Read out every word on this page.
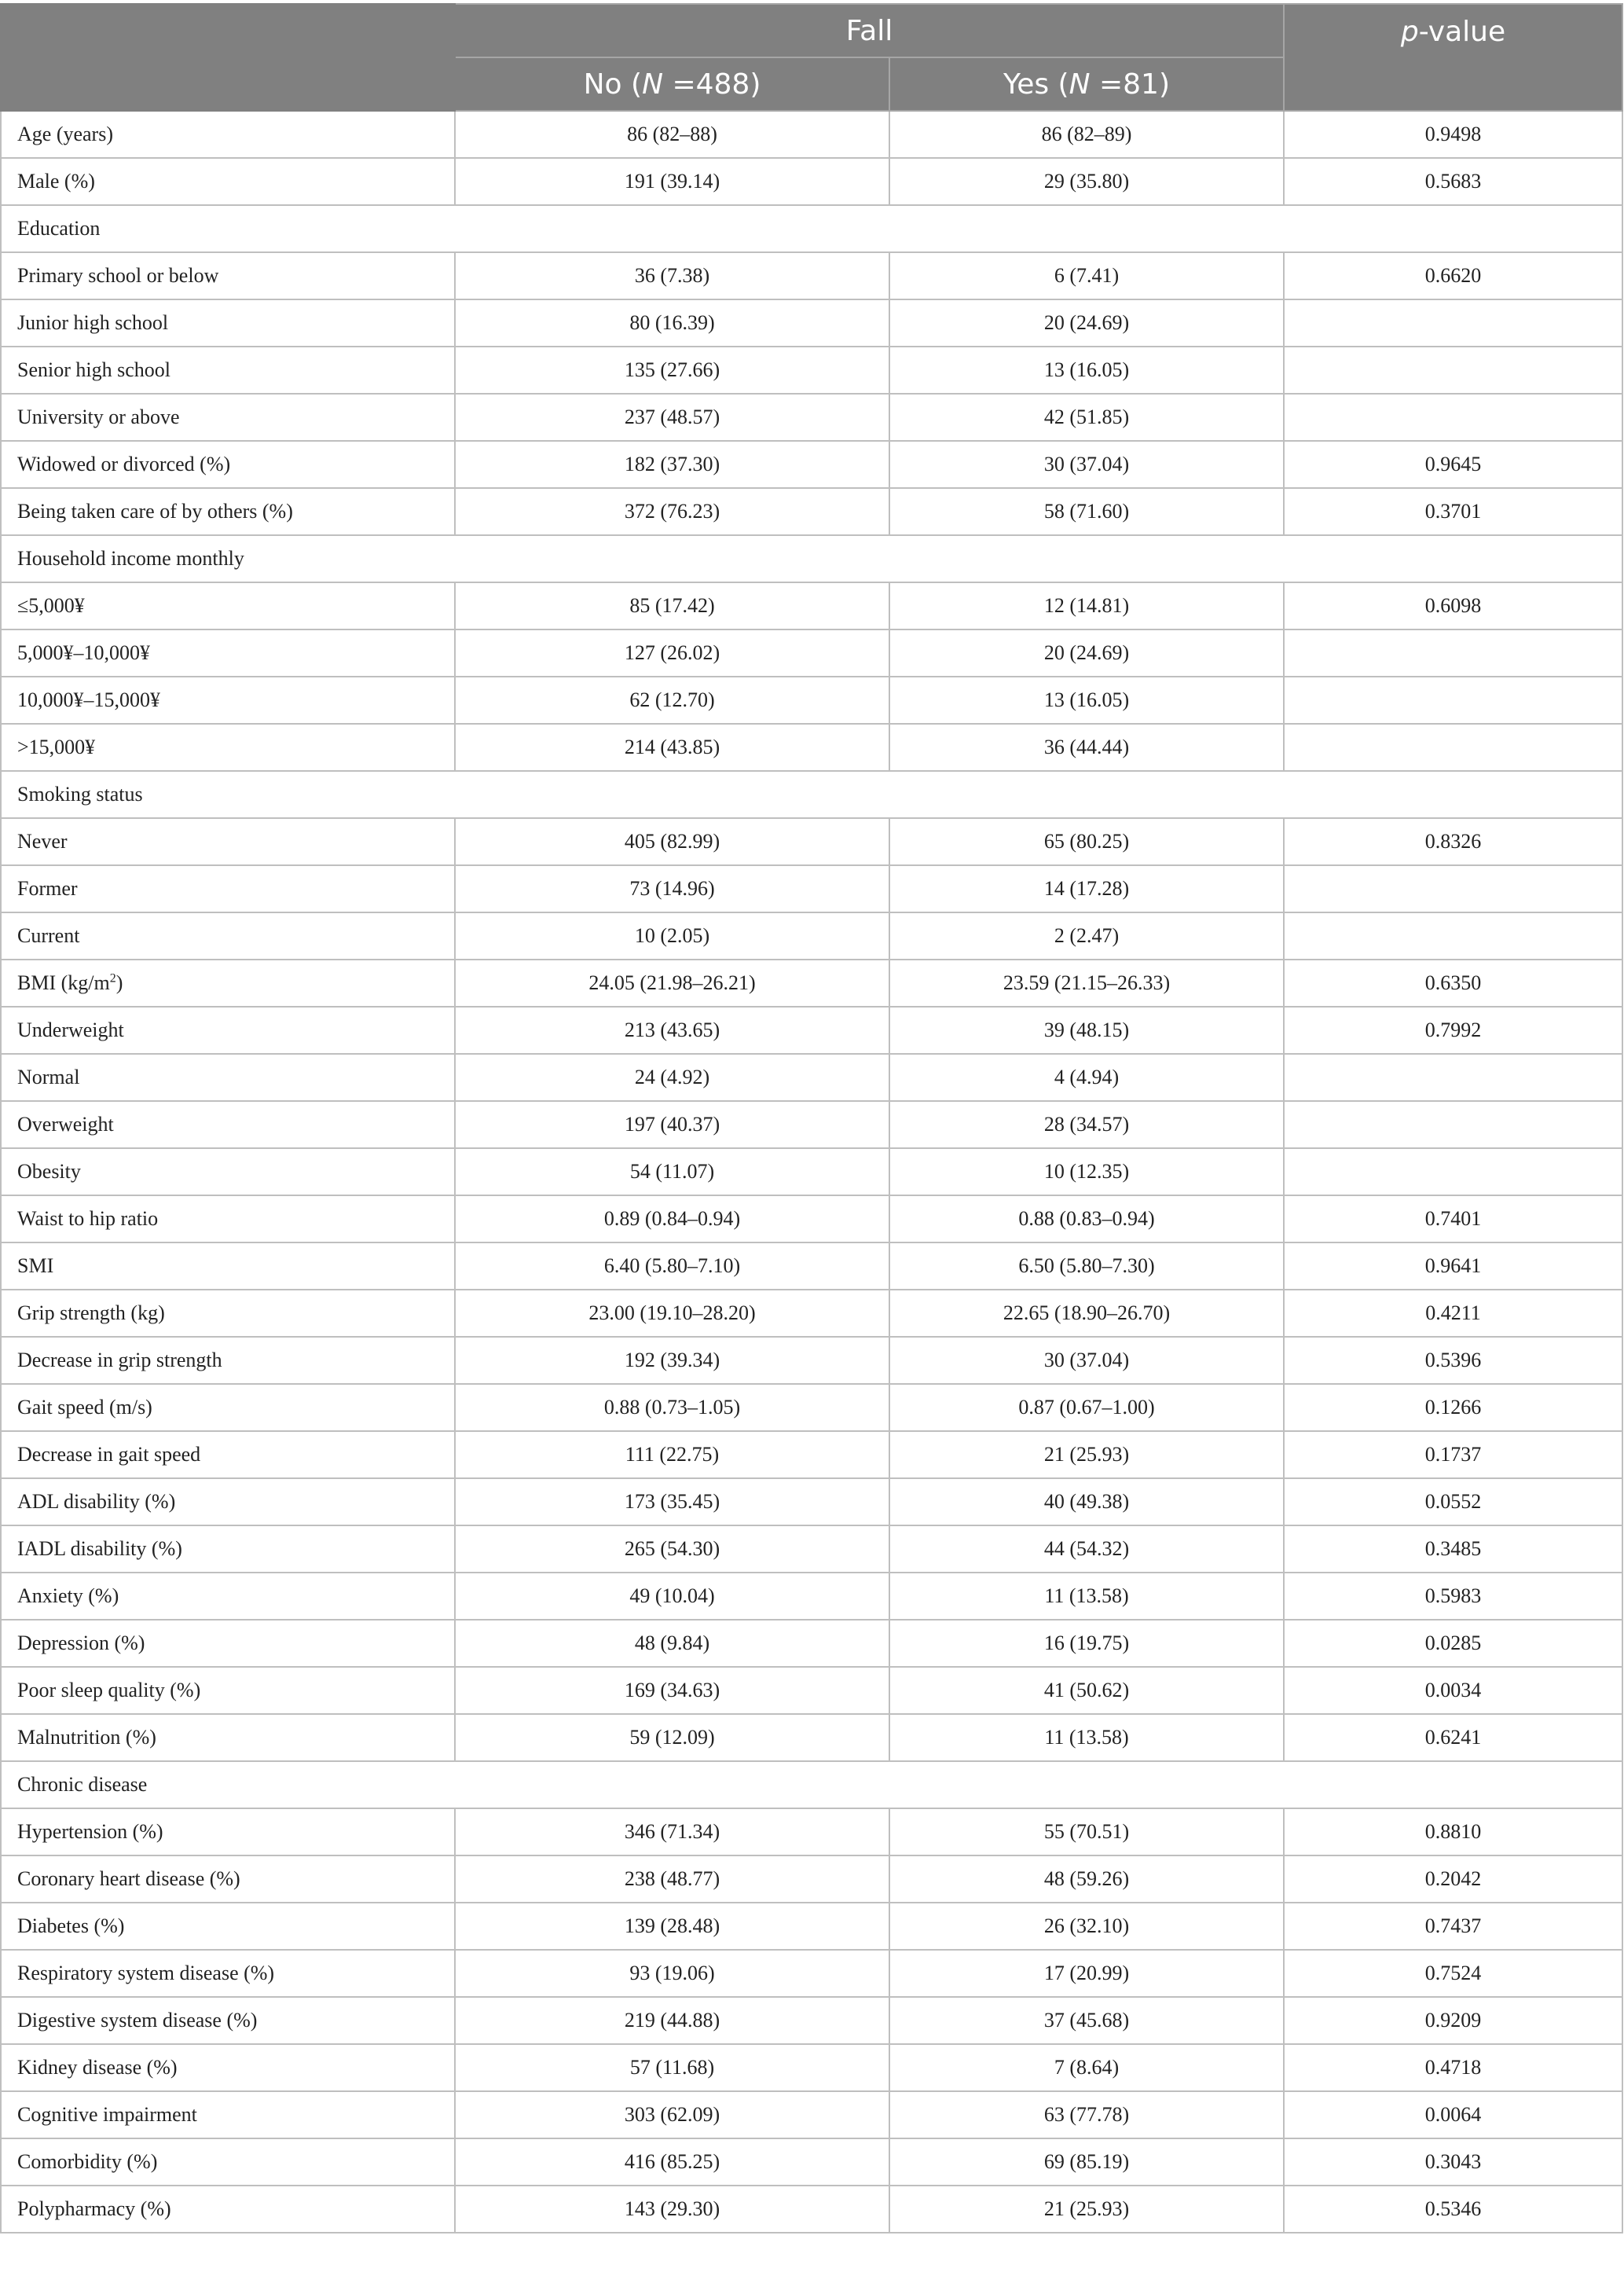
	Fall		p-value
	No (N =488)	Yes (N =81)	
Age (years)	86 (82–88)	86 (82–89)	0.9498
Male (%)	191 (39.14)	29 (35.80)	0.5683
Education			
Primary school or below	36 (7.38)	6 (7.41)	0.6620
Junior high school	80 (16.39)	20 (24.69)	
Senior high school	135 (27.66)	13 (16.05)	
University or above	237 (48.57)	42 (51.85)	
Widowed or divorced (%)	182 (37.30)	30 (37.04)	0.9645
Being taken care of by others (%)	372 (76.23)	58 (71.60)	0.3701
Household income monthly			
≤5,000¥	85 (17.42)	12 (14.81)	0.6098
5,000¥–10,000¥	127 (26.02)	20 (24.69)	
10,000¥–15,000¥	62 (12.70)	13 (16.05)	
>15,000¥	214 (43.85)	36 (44.44)	
Smoking status			
Never	405 (82.99)	65 (80.25)	0.8326
Former	73 (14.96)	14 (17.28)	
Current	10 (2.05)	2 (2.47)	
BMI $(kg/m^2)$	24.05 (21.98–26.21)	23.59 (21.15–26.33)	0.6350
Underweight	213 (43.65)	39 (48.15)	0.7992
Normal	24 (4.92)	4 (4.94)	
Overweight	197 (40.37)	28 (34.57)	
Obesity	54 (11.07)	10 (12.35)	
Waist to hip ratio	0.89 (0.84–0.94)	0.88 (0.83–0.94)	0.7401
SMI	6.40 (5.80–7.10)	6.50 (5.80–7.30)	0.9641
Grip strength (kg)	23.00 (19.10–28.20)	22.65 (18.90–26.70)	0.4211
Decrease in grip strength	192 (39.34)	30 (37.04)	0.5396
Gait speed (m/s)	0.88 (0.73–1.05)	0.87 (0.67–1.00)	0.1266
Decrease in gait speed	111 (22.75)	21 (25.93)	0.1737
ADL disability (%)	173 (35.45)	40 (49.38)	0.0552
IADL disability (%)	265 (54.30)	44 (54.32)	0.3485
Anxiety (%)	49 (10.04)	11 (13.58)	0.5983
Depression (%)	48 (9.84)	16 (19.75)	0.0285
Poor sleep quality (%)	169 (34.63)	41 (50.62)	0.0034
Malnutrition (%)	59 (12.09)	11 (13.58)	0.6241
Chronic disease			
Hypertension (%)	346 (71.34)	55 (70.51)	0.8810
Coronary heart disease (%)	238 (48.77)	48 (59.26)	0.2042
Diabetes (%)	139 (28.48)	26 (32.10)	0.7437
Respiratory system disease (%)	93 (19.06)	17 (20.99)	0.7524
Digestive system disease (%)	219 (44.88)	37 (45.68)	0.9209
Kidney disease (%)	57 (11.68)	7 (8.64)	0.4718
Cognitive impairment	303 (62.09)	63 (77.78)	0.0064
Comorbidity (%)	416 (85.25)	69 (85.19)	0.3043
Polypharmacy (%)	143 (29.30)	21 (25.93)	0.5346
